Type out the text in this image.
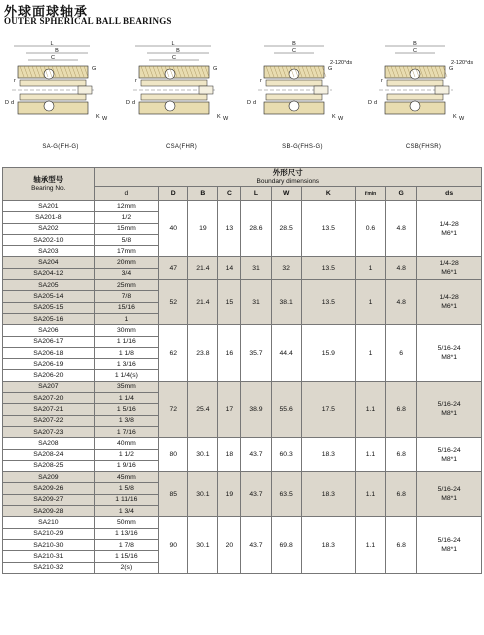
外球面球轴承
OUTER SPHERICAL BALL BEARINGS
L
B
C
G
r
D d
K W
SA-G(FH-G)
L
B
C
G
r
D d
K W
CSA(FHR)
B
C
G
r
D d
K W
2-120°ds
SB-G(FHS-G)
B
C
G
r
D d
K W
2-120°ds
CSB(FHSR)
轴承型号
Bearing No.	外形尺寸
Boundary dimensions									

	d	D	B	C	L	W	K	rmin	G	ds
SA201	12mm	40	19	13	28.6	28.5	13.5	0.6	4.8	1/4-28
M6*1

SA201-8	1/2									
SA202	15mm									
SA202-10	5/8									
SA203	17mm									
SA204	20mm	47	21.4	14	31	32	13.5	1	4.8	1/4-28
M6*1

SA204-12	3/4									
SA205	25mm	52	21.4	15	31	38.1	13.5	1	4.8	1/4-28
M6*1

SA205-14	7/8									
SA205-15	15/16									
SA205-16	1									
SA206	30mm	62	23.8	16	35.7	44.4	15.9	1	6	5/16-24
M8*1

SA206-17	1 1/16									
SA206-18	1 1/8									
SA206-19	1 3/16									
SA206-20	1 1/4(s)									
SA207	35mm	72	25.4	17	38.9	55.6	17.5	1.1	6.8	5/16-24
M8*1

SA207-20	1 1/4									
SA207-21	1 5/16									
SA207-22	1 3/8									
SA207-23	1 7/16									
SA208	40mm	80	30.1	18	43.7	60.3	18.3	1.1	6.8	5/16-24
M8*1

SA208-24	1 1/2									
SA208-25	1 9/16									
SA209	45mm	85	30.1	19	43.7	63.5	18.3	1.1	6.8	5/16-24
M8*1

SA209-26	1 5/8									
SA209-27	1 11/16									
SA209-28	1 3/4									
SA210	50mm	90	30.1	20	43.7	69.8	18.3	1.1	6.8	5/16-24
M8*1

SA210-29	1 13/16									
SA210-30	1 7/8									
SA210-31	1 15/16									
SA210-32	2(s)									
